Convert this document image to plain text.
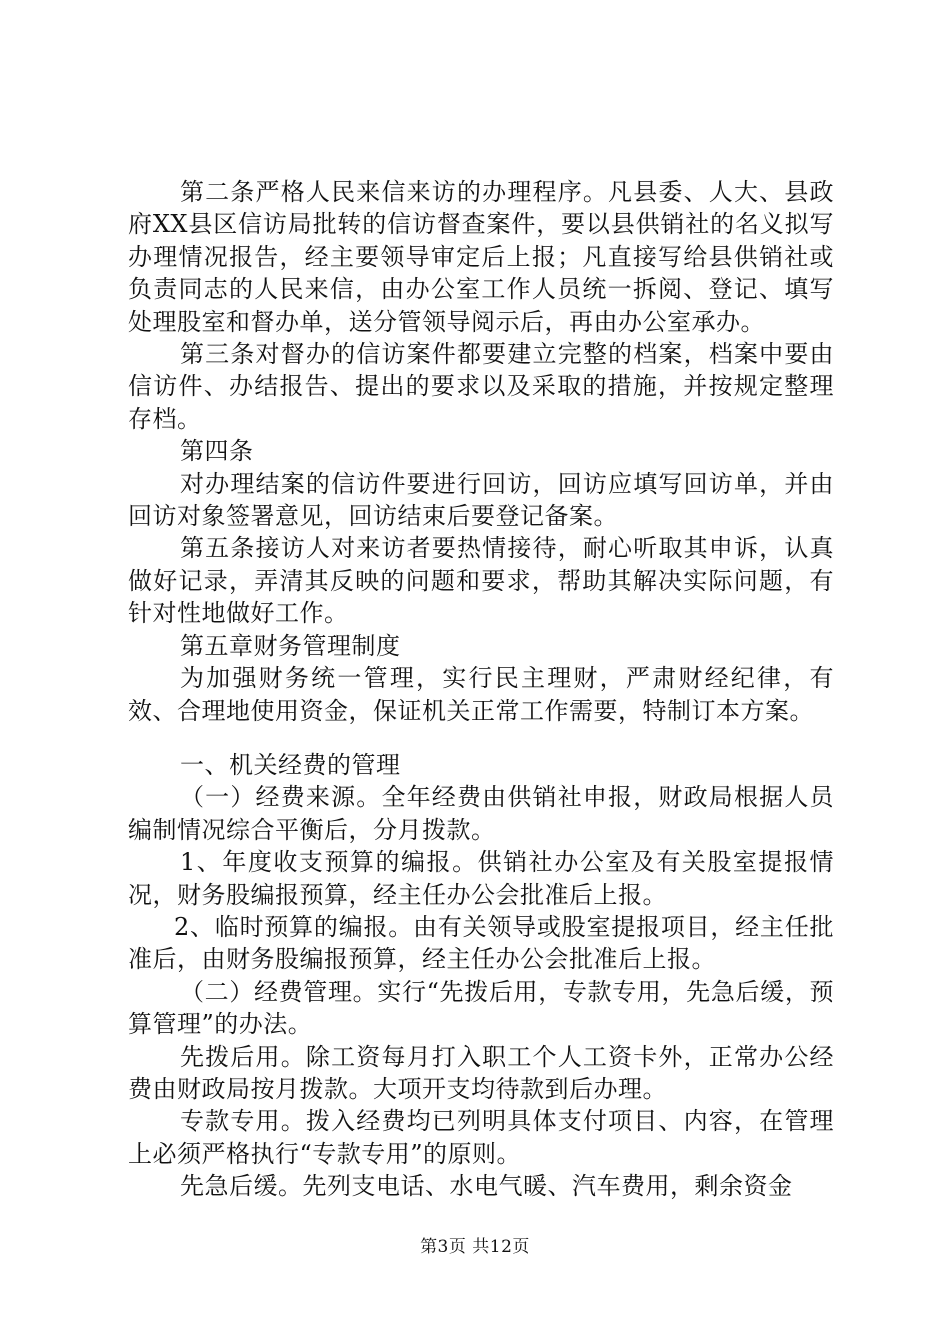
第二条严格人民来信来访的办理程序。凡县委、人大、县政府XX县区信访局批转的信访督查案件，要以县供销社的名义拟写办理情况报告，经主要领导审定后上报；凡直接写给县供销社或负责同志的人民来信，由办公室工作人员统一拆阅、登记、填写处理股室和督办单，送分管领导阅示后，再由办公室承办。

第三条对督办的信访案件都要建立完整的档案，档案中要由信访件、办结报告、提出的要求以及采取的措施，并按规定整理存档。

第四条

对办理结案的信访件要进行回访，回访应填写回访单，并由回访对象签署意见，回访结束后要登记备案。

第五条接访人对来访者要热情接待，耐心听取其申诉，认真做好记录，弄清其反映的问题和要求，帮助其解决实际问题，有针对性地做好工作。

第五章财务管理制度

为加强财务统一管理，实行民主理财，严肃财经纪律，有效、合理地使用资金，保证机关正常工作需要，特制订本方案。

一、机关经费的管理

（一）经费来源。全年经费由供销社申报，财政局根据人员编制情况综合平衡后，分月拨款。

1、年度收支预算的编报。供销社办公室及有关股室提报情况，财务股编报预算，经主任办公会批准后上报。

2、临时预算的编报。由有关领导或股室提报项目，经主任批准后，由财务股编报预算，经主任办公会批准后上报。

（二）经费管理。实行“先拨后用，专款专用，先急后缓，预算管理”的办法。

先拨后用。除工资每月打入职工个人工资卡外，正常办公经费由财政局按月拨款。大项开支均待款到后办理。

专款专用。拨入经费均已列明具体支付项目、内容，在管理上必须严格执行“专款专用”的原则。

先急后缓。先列支电话、水电气暖、汽车费用，剩余资金

第3页 共12页
